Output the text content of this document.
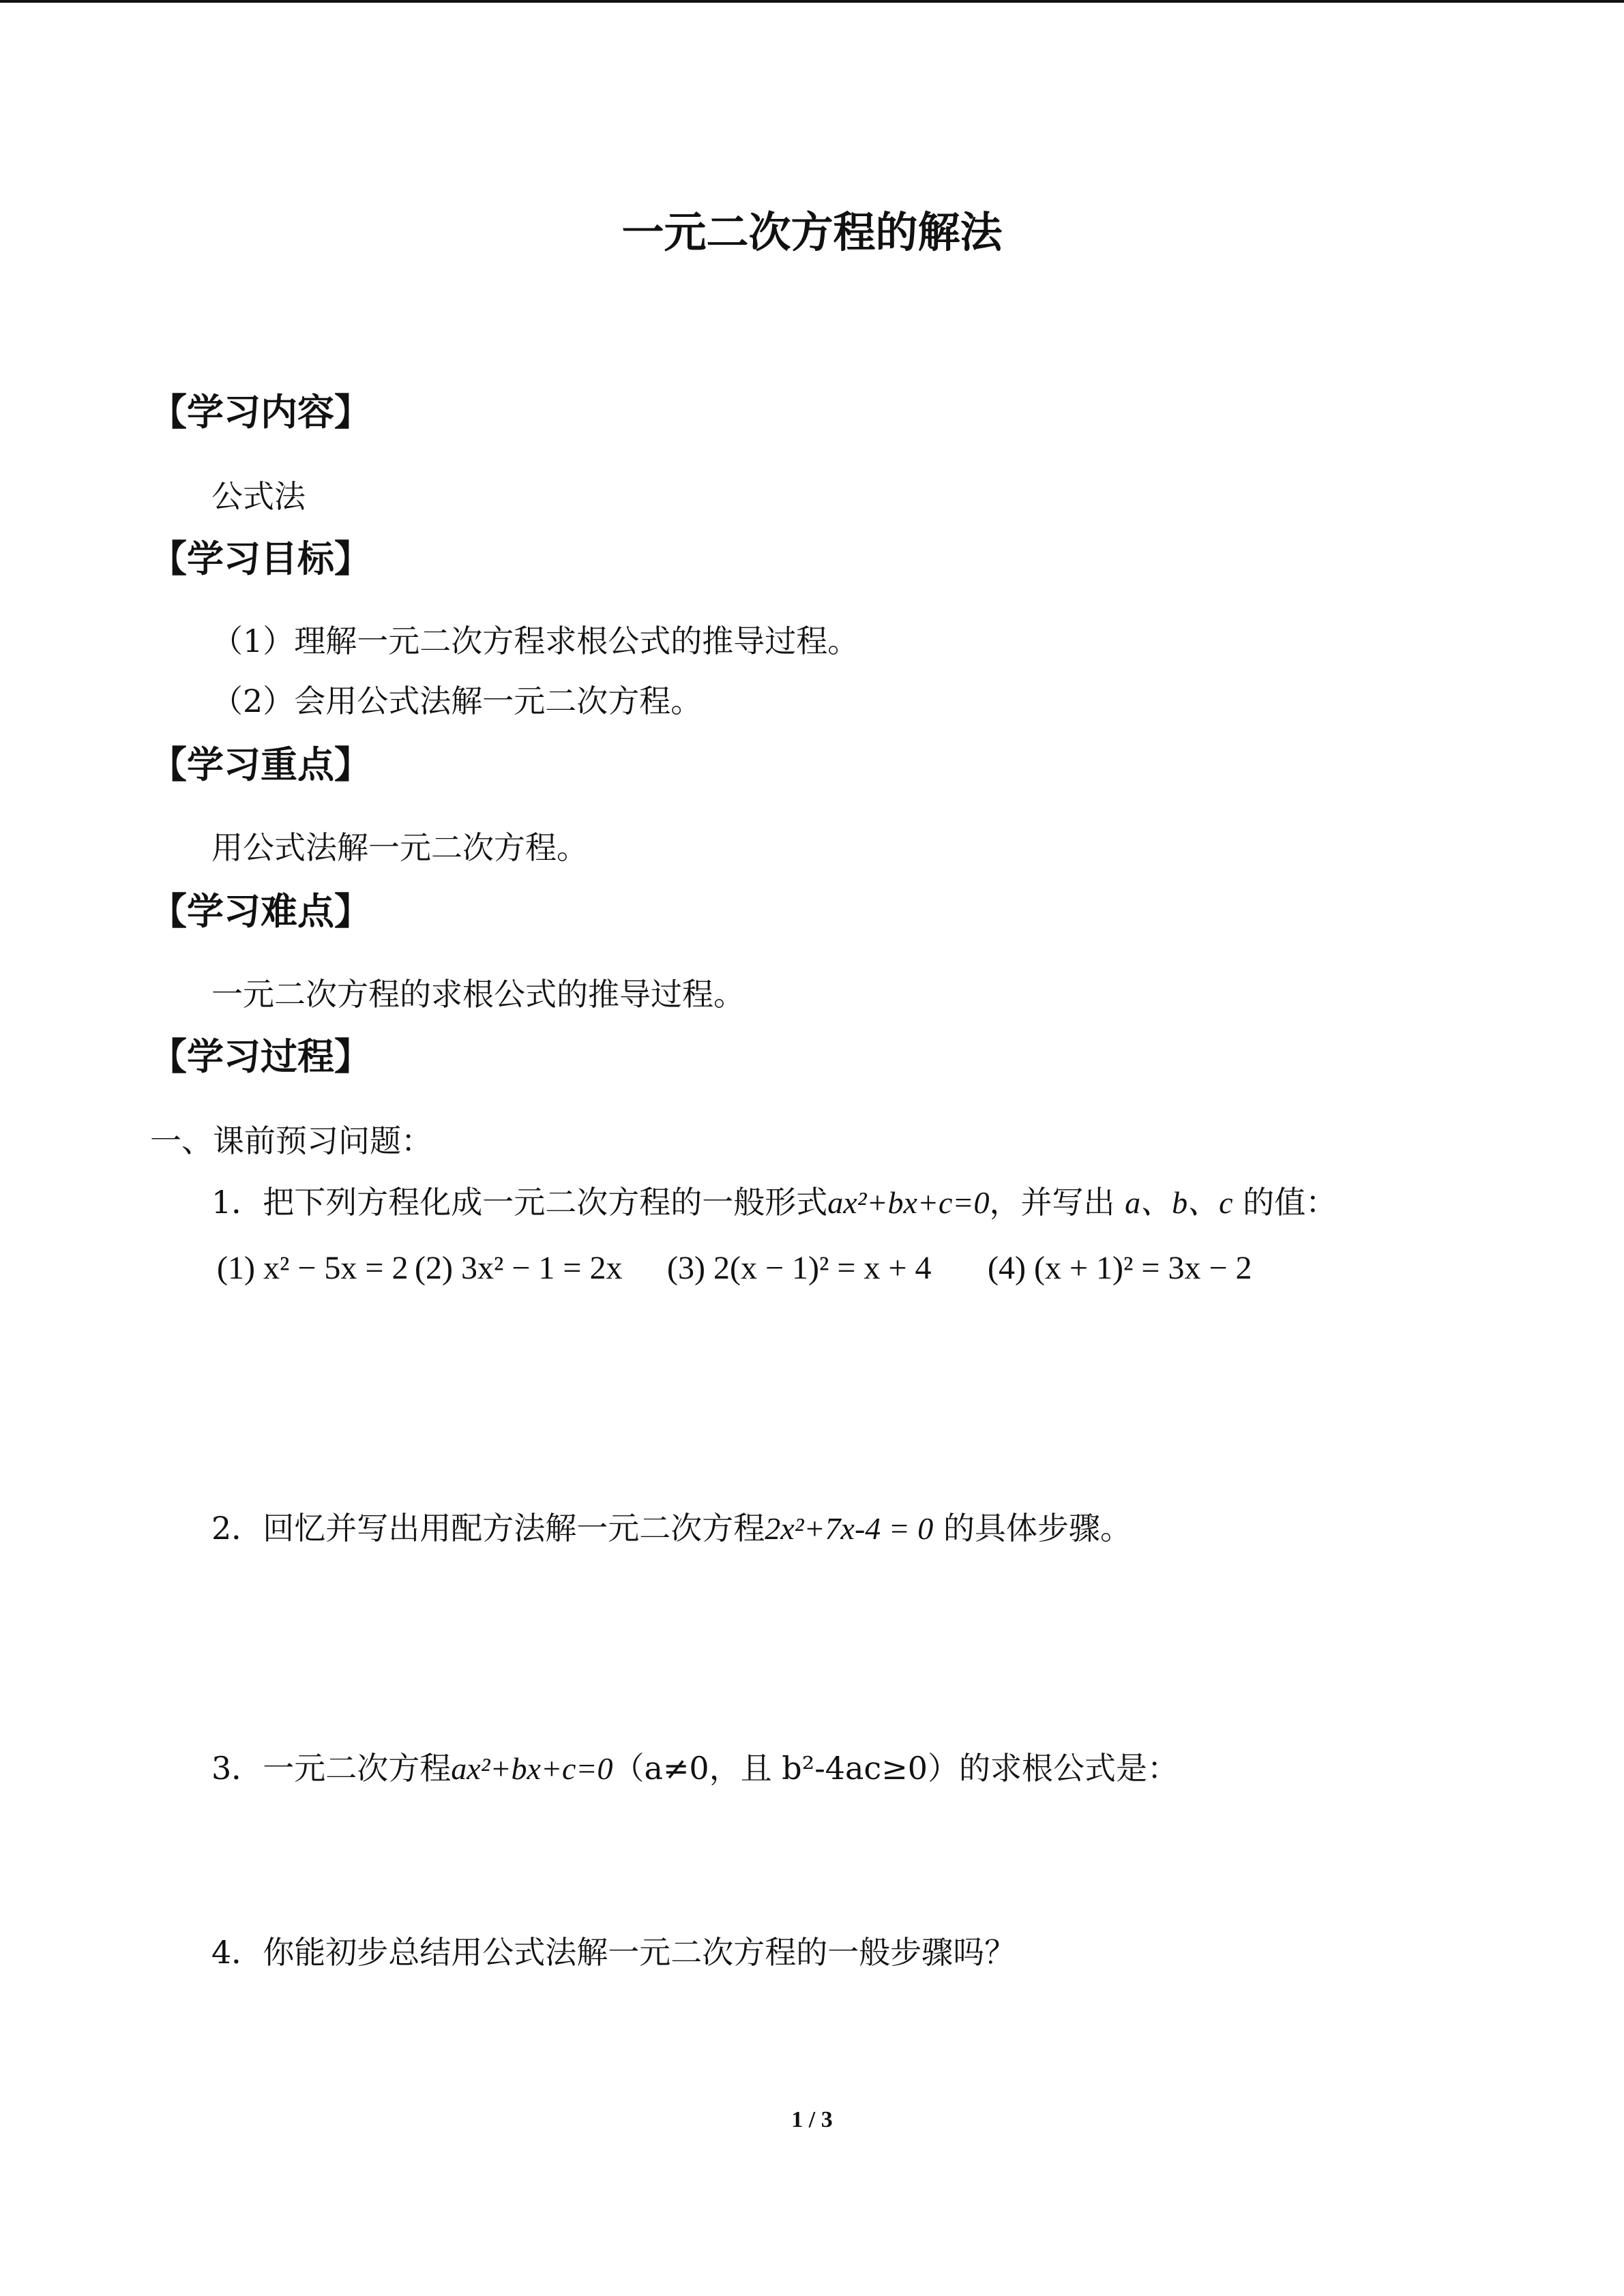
一元二次方程的解法
【学习内容】
公式法
【学习目标】
（1）理解一元二次方程求根公式的推导过程。
（2）会用公式法解一元二次方程。
【学习重点】
用公式法解一元二次方程。
【学习难点】
一元二次方程的求根公式的推导过程。
【学习过程】
一、课前预习问题：
1．把下列方程化成一元二次方程的一般形式ax²+bx+c=0，并写出 a、b、c 的值：
(1) x² − 5x = 2 (2) 3x² − 1 = 2x (3) 2(x − 1)² = x + 4 (4) (x + 1)² = 3x − 2
2．回忆并写出用配方法解一元二次方程2x²+7x-4 = 0 的具体步骤。
3．一元二次方程ax²+bx+c=0（a≠0，且 b²-4ac≥0）的求根公式是：
4．你能初步总结用公式法解一元二次方程的一般步骤吗？
1 / 3
